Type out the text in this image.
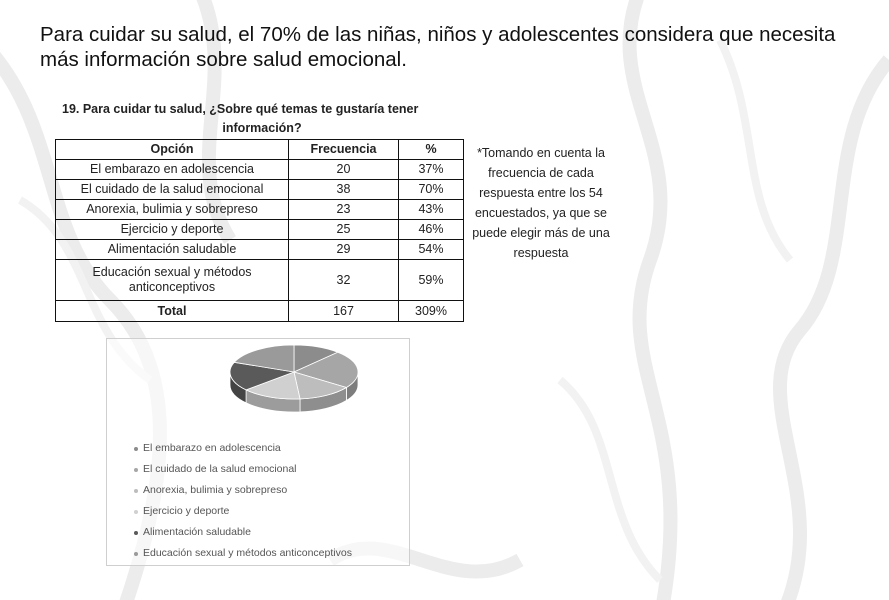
Para cuidar su salud, el 70% de las niñas, niños y adolescentes considera que necesita más información sobre salud emocional.
19. Para cuidar tu salud, ¿Sobre qué temas te gustaría tener
información?
Opción	Frecuencia	%
El embarazo en adolescencia	20	37%
El cuidado de la salud emocional	38	70%
Anorexia, bulimia y sobrepreso	23	43%
Ejercicio y deporte	25	46%
Alimentación saludable	29	54%
Educación sexual y métodos anticonceptivos	32	59%
Total	167	309%
*Tomando en cuenta la frecuencia de cada respuesta entre los 54 encuestados, ya que se puede elegir más de una respuesta
El embarazo en adolescencia
El cuidado de la salud emocional
Anorexia, bulimia y sobrepreso
Ejercicio y deporte
Alimentación saludable
Educación sexual y métodos anticonceptivos
